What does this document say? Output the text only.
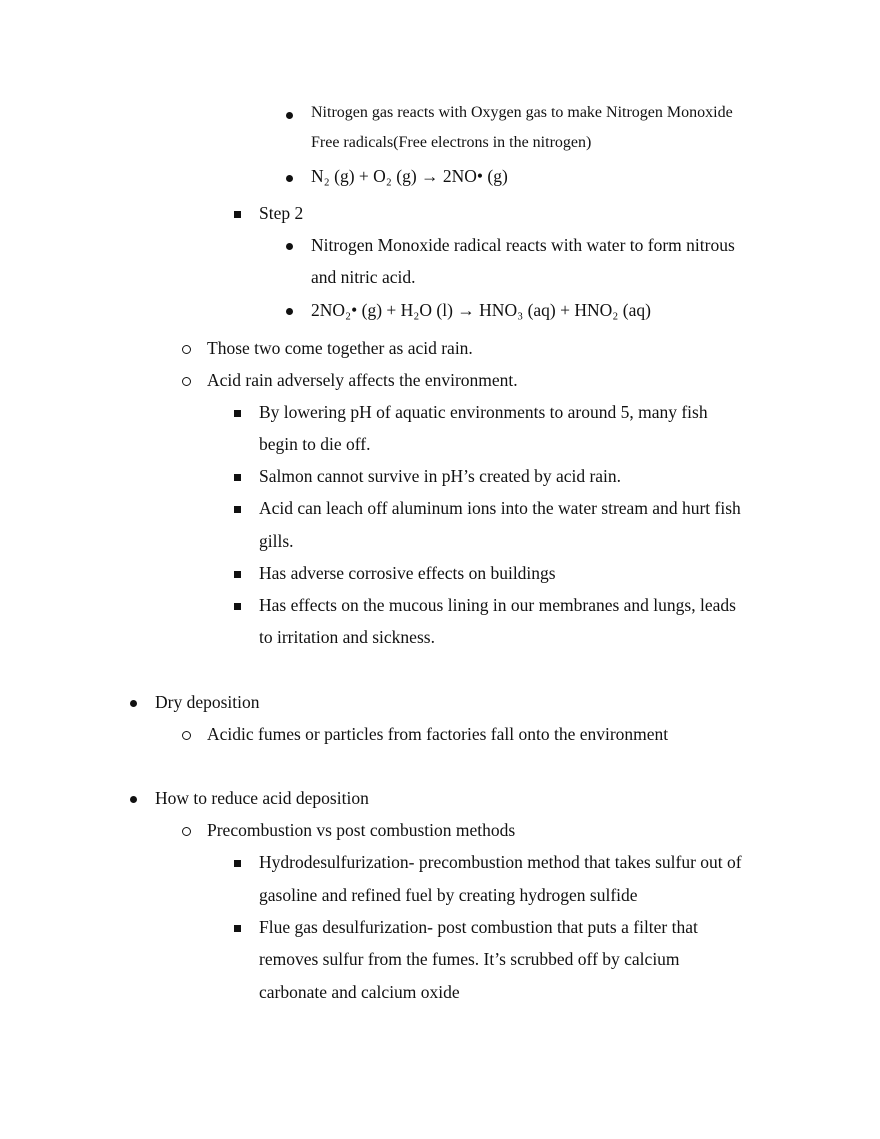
Nitrogen gas reacts with Oxygen gas to make Nitrogen Monoxide
Free radicals(Free electrons in the nitrogen)
N₂ (g) + O₂ (g) → 2NO• (g)
Step 2
Nitrogen Monoxide radical reacts with water to form nitrous
and nitric acid.
2NO₂• (g) + H₂O (l) → HNO₃ (aq) + HNO₂ (aq)
Those two come together as acid rain.
Acid rain adversely affects the environment.
By lowering pH of aquatic environments to around 5, many fish
begin to die off.
Salmon cannot survive in pH’s created by acid rain.
Acid can leach off aluminum ions into the water stream and hurt fish
gills.
Has adverse corrosive effects on buildings
Has effects on the mucous lining in our membranes and lungs, leads
to irritation and sickness.
Dry deposition
Acidic fumes or particles from factories fall onto the environment
How to reduce acid deposition
Precombustion vs post combustion methods
Hydrodesulfurization- precombustion method that takes sulfur out of
gasoline and refined fuel by creating hydrogen sulfide
Flue gas desulfurization- post combustion that puts a filter that
removes sulfur from the fumes. It’s scrubbed off by calcium
carbonate and calcium oxide
